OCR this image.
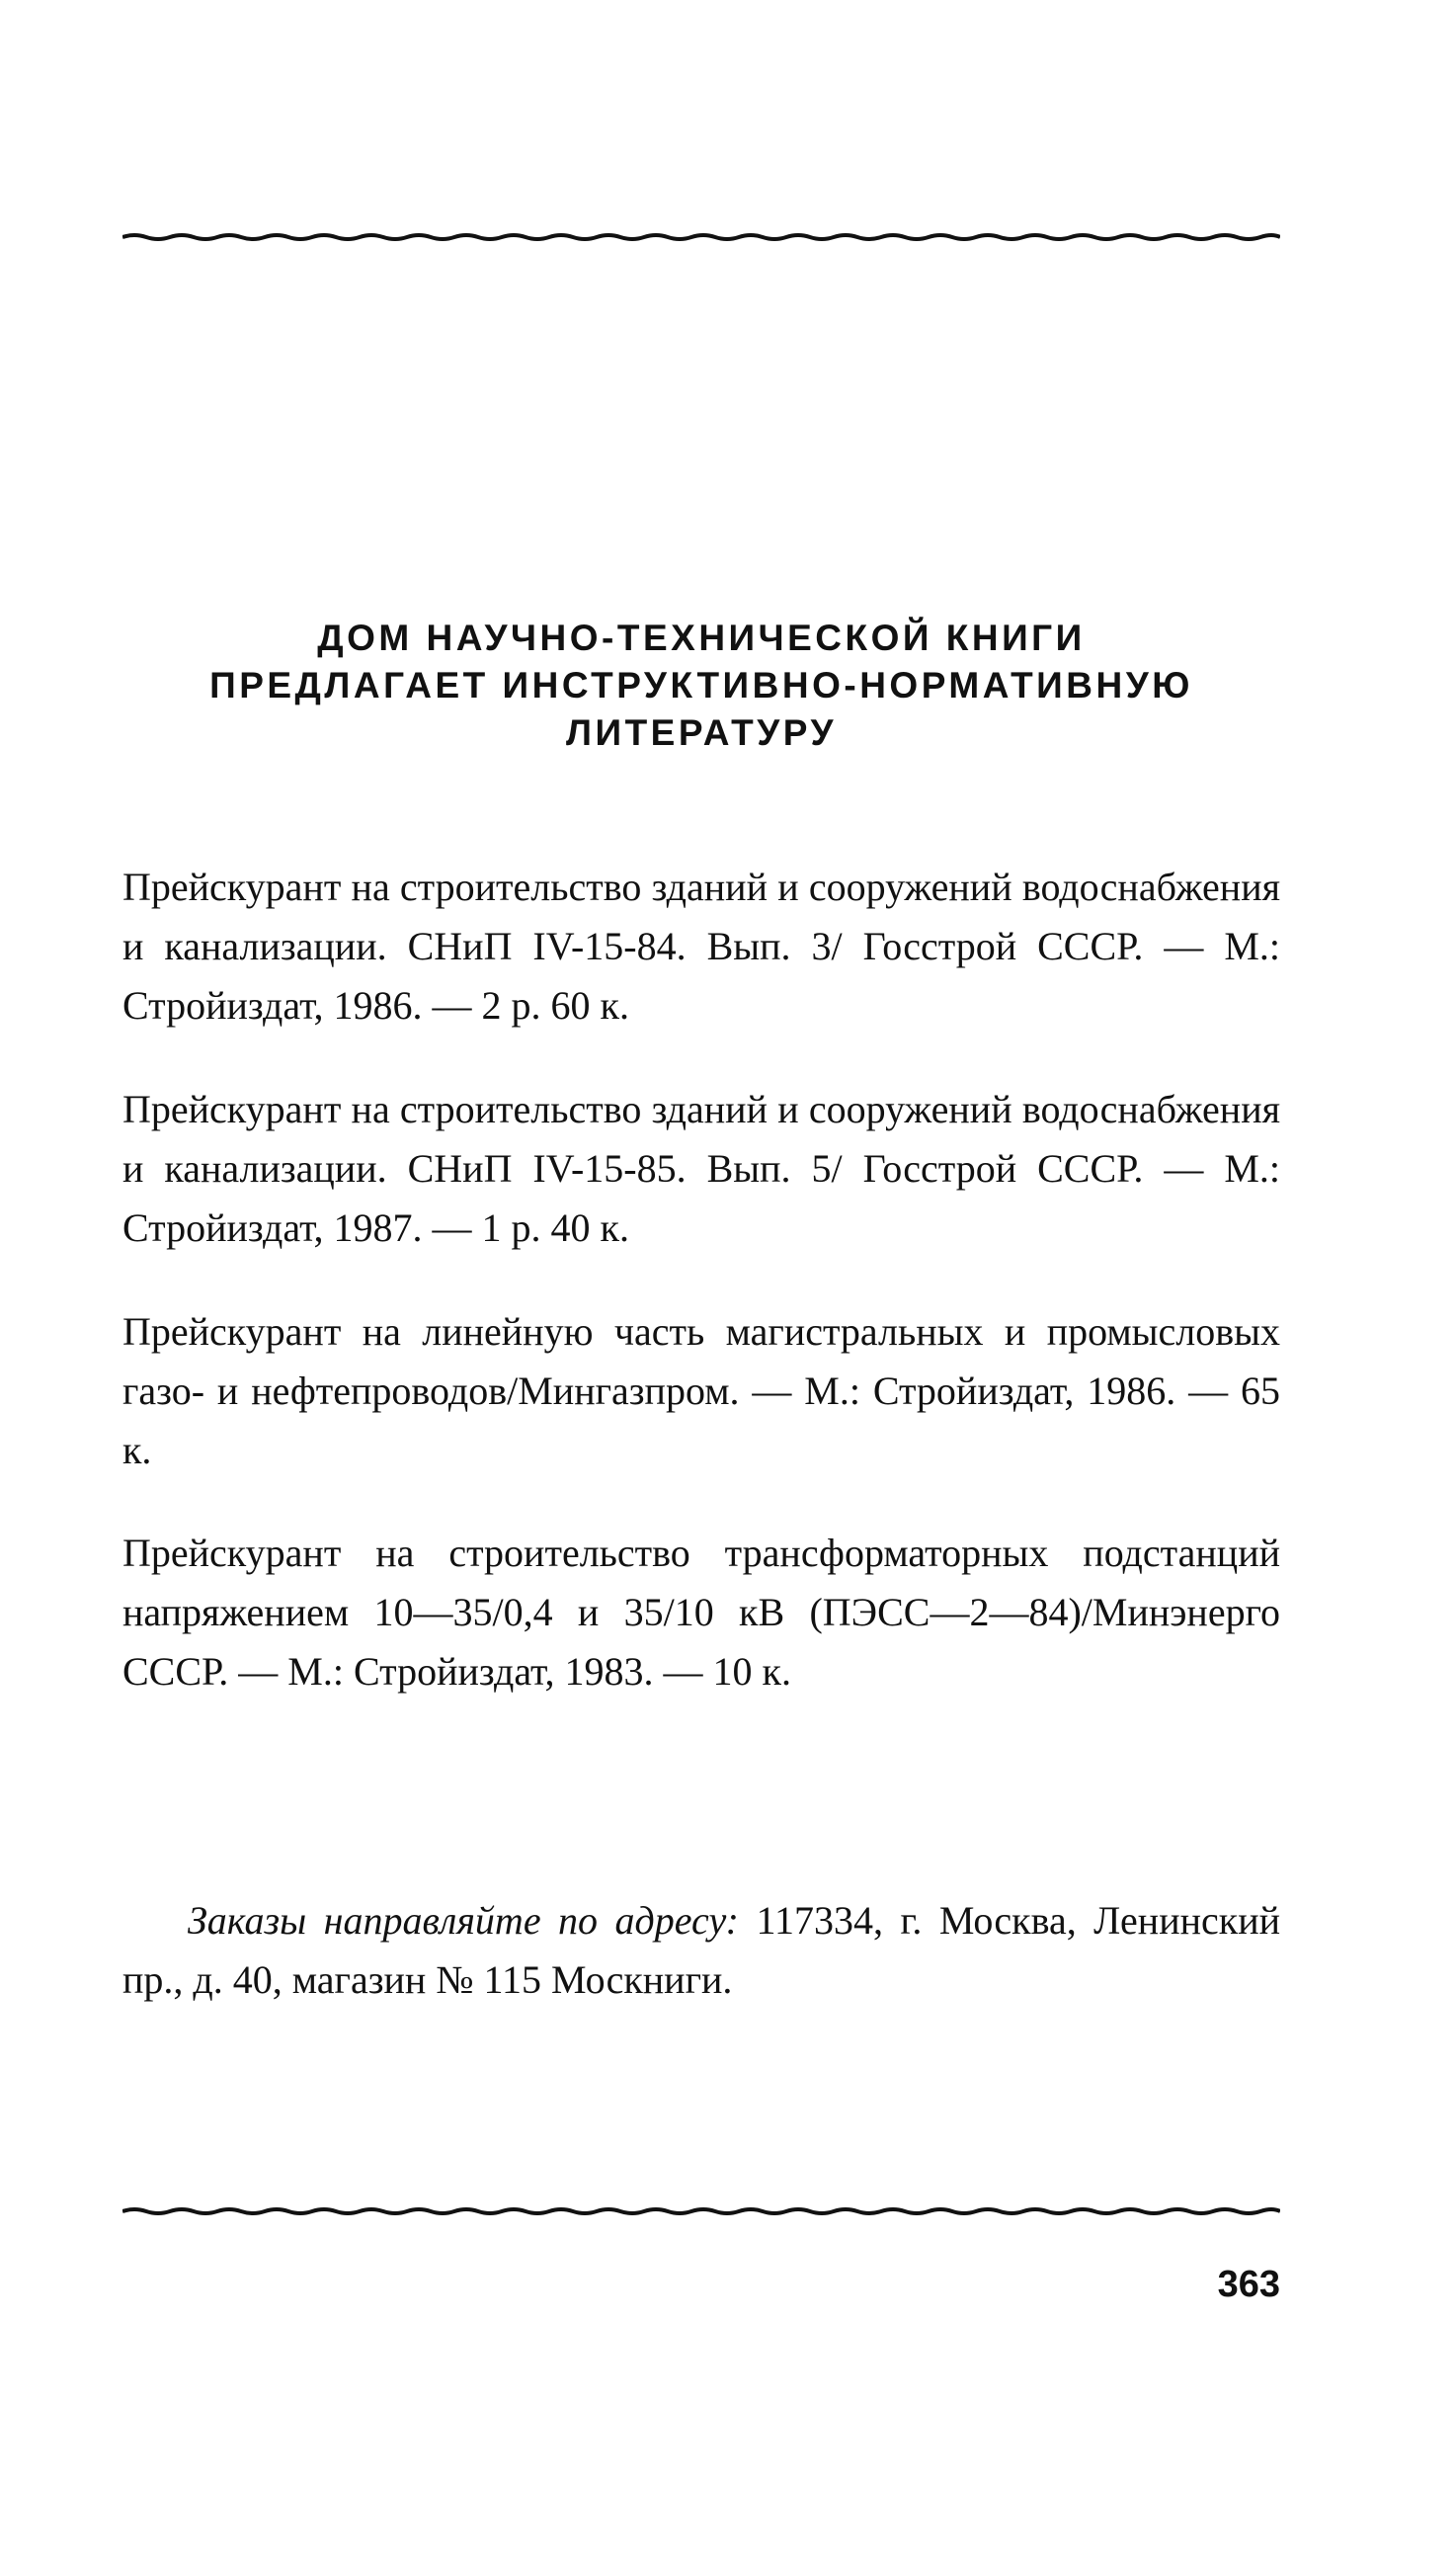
ДОМ НАУЧНО-ТЕХНИЧЕСКОЙ КНИГИ
ПРЕДЛАГАЕТ ИНСТРУКТИВНО-НОРМАТИВНУЮ
ЛИТЕРАТУРУ

Прейскурант на строительство зданий и сооружений водоснабжения и канализации. СНиП IV-15-84. Вып. 3/ Госстрой СССР. — М.: Стройиздат, 1986. — 2 р. 60 к.

Прейскурант на строительство зданий и сооружений водоснабжения и канализации. СНиП IV-15-85. Вып. 5/ Госстрой СССР. — М.: Стройиздат, 1987. — 1 р. 40 к.

Прейскурант на линейную часть магистральных и промысловых газо- и нефтепроводов/Мингазпром. — М.: Стройиздат, 1986. — 65 к.

Прейскурант на строительство трансформаторных подстанций напряжением 10—35/0,4 и 35/10 кВ (ПЭСС—2—84)/Минэнерго СССР. — М.: Стройиздат, 1983. — 10 к.

Заказы направляйте по адресу: 117334, г. Москва, Ленинский пр., д. 40, магазин № 115 Москниги.

363
